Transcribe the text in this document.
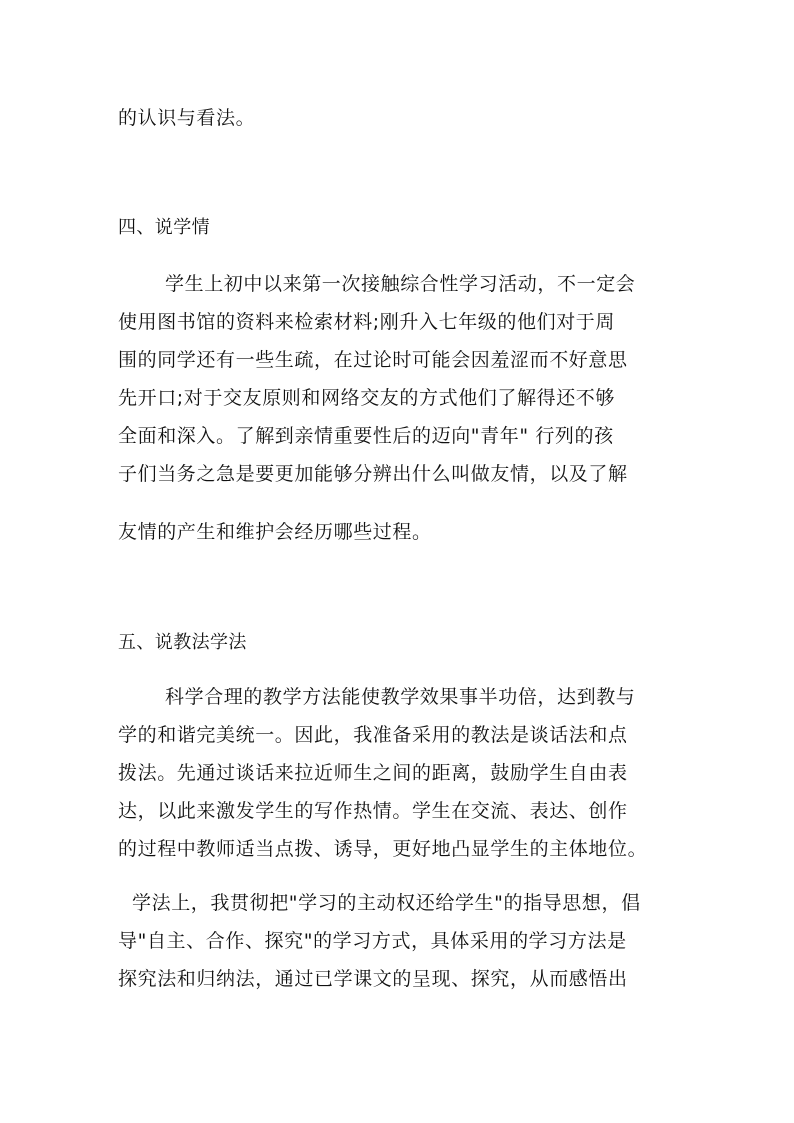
的认识与看法。
四、说学情
学生上初中以来第一次接触综合性学习活动，不一定会
使用图书馆的资料来检索材料;刚升入七年级的他们对于周
围的同学还有一些生疏，在过论时可能会因羞涩而不好意思
先开口;对于交友原则和网络交友的方式他们了解得还不够
全面和深入。了解到亲情重要性后的迈向"青年" 行列的孩
子们当务之急是要更加能够分辨出什么叫做友情，以及了解
友情的产生和维护会经历哪些过程。
五、说教法学法
科学合理的教学方法能使教学效果事半功倍，达到教与
学的和谐完美统一。因此，我准备采用的教法是谈话法和点
拨法。先通过谈话来拉近师生之间的距离，鼓励学生自由表
达，以此来激发学生的写作热情。学生在交流、表达、创作
的过程中教师适当点拨、诱导，更好地凸显学生的主体地位。
学法上，我贯彻把"学习的主动权还给学生"的指导思想，倡
导"自主、合作、探究"的学习方式，具体采用的学习方法是
探究法和归纳法，通过已学课文的呈现、探究，从而感悟出
